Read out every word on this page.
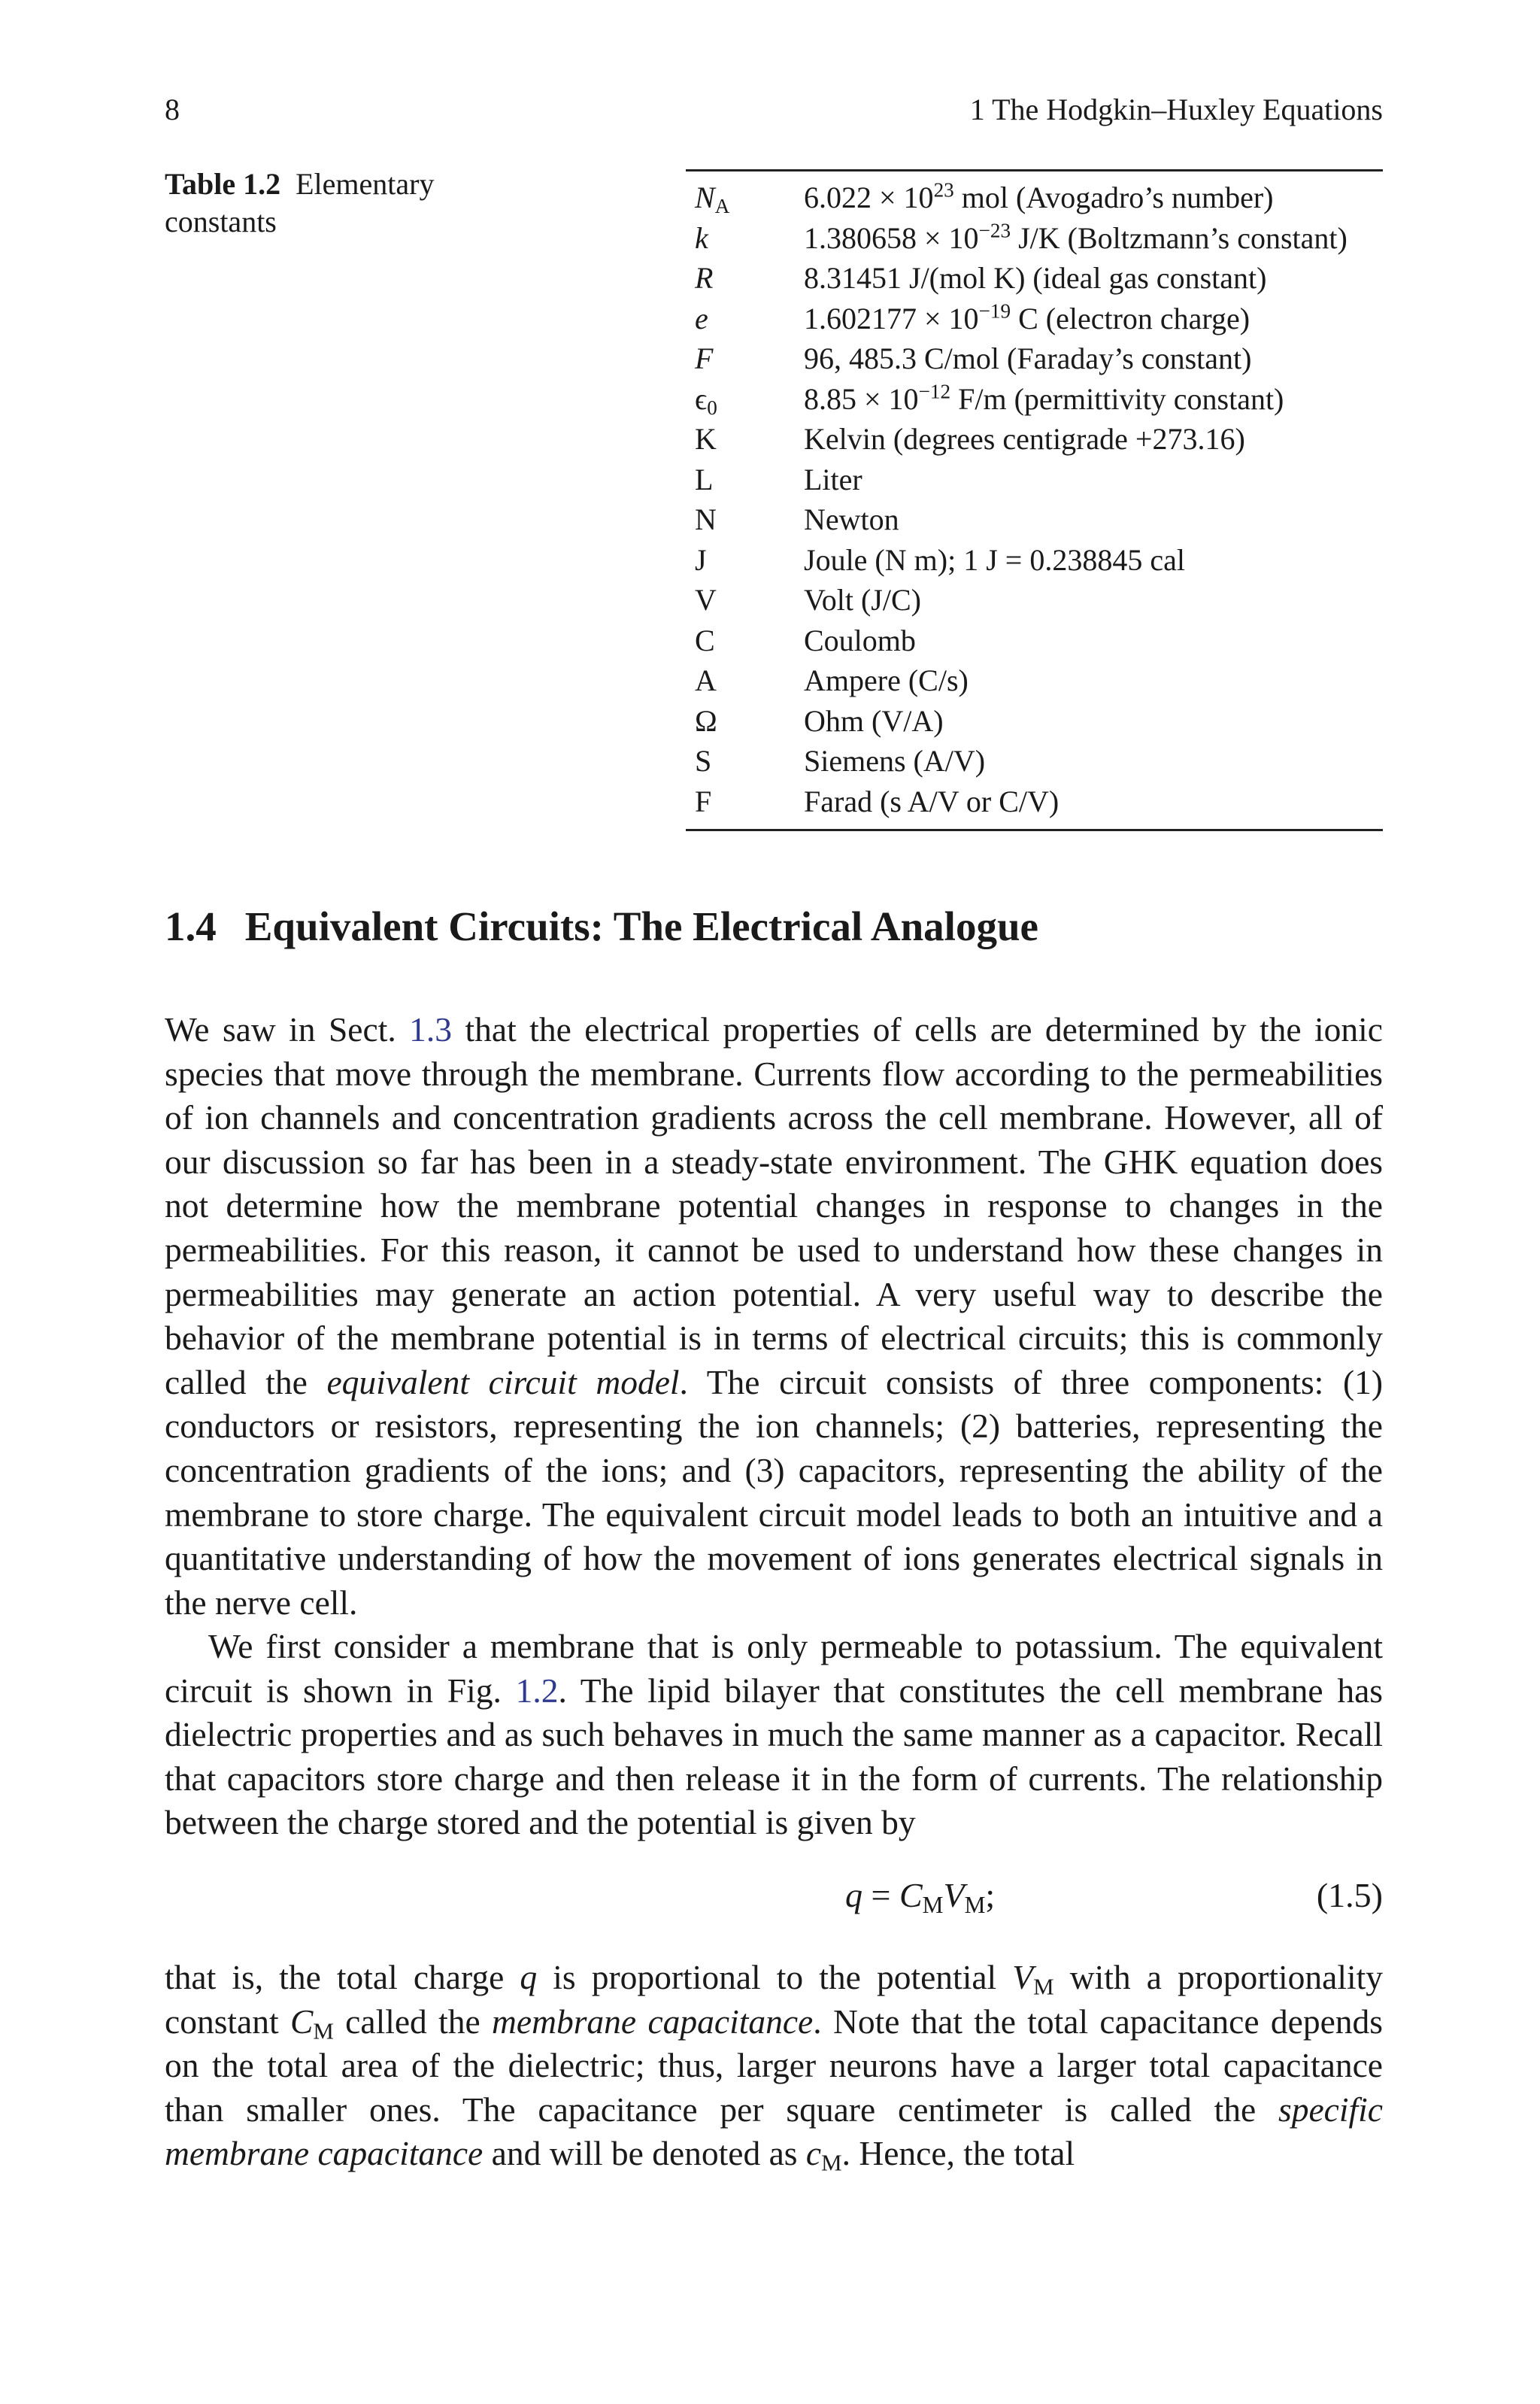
8	1 The Hodgkin–Huxley Equations
Table 1.2 Elementary constants
$N_A$	$6.022 \times 10^{23}$ mol (Avogadro’s number)
k	$1.380658 \times 10^{-23}$ J/K (Boltzmann’s constant)
R	8.31451 J/(mol K) (ideal gas constant)
e	$1.602177 \times 10^{-19}$ C (electron charge)
F	96, 485.3 C/mol (Faraday’s constant)
$\epsilon_0$	$8.85 \times 10^{-12}$ F/m (permittivity constant)
K	Kelvin (degrees centigrade +273.16)
L	Liter
N	Newton
J	Joule (N m); 1 J = 0.238845 cal
V	Volt (J/C)
C	Coulomb
A	Ampere (C/s)
Ω	Ohm (V/A)
S	Siemens (A/V)
F	Farad (s A/V or C/V)
1.4 Equivalent Circuits: The Electrical Analogue
We saw in Sect. 1.3 that the electrical properties of cells are determined by the ionic species that move through the membrane. Currents flow according to the permeabilities of ion channels and concentration gradients across the cell membrane. However, all of our discussion so far has been in a steady-state environment. The GHK equation does not determine how the membrane potential changes in response to changes in the permeabilities. For this reason, it cannot be used to understand how these changes in permeabilities may generate an action potential. A very useful way to describe the behavior of the membrane potential is in terms of electrical circuits; this is commonly called the equivalent circuit model. The circuit consists of three components: (1) conductors or resistors, representing the ion channels; (2) batteries, representing the concentration gradients of the ions; and (3) capacitors, representing the ability of the membrane to store charge. The equivalent circuit model leads to both an intuitive and a quantitative understanding of how the movement of ions generates electrical signals in the nerve cell.
We first consider a membrane that is only permeable to potassium. The equivalent circuit is shown in Fig. 1.2. The lipid bilayer that constitutes the cell membrane has dielectric properties and as such behaves in much the same manner as a capacitor. Recall that capacitors store charge and then release it in the form of currents. The relationship between the charge stored and the potential is given by
$q = C_MV_M$;	(1.5)
that is, the total charge q is proportional to the potential $V_M$ with a proportionality constant $C_M$ called the membrane capacitance. Note that the total capacitance depends on the total area of the dielectric; thus, larger neurons have a larger total capacitance than smaller ones. The capacitance per square centimeter is called the specific membrane capacitance and will be denoted as $c_M$. Hence, the total
